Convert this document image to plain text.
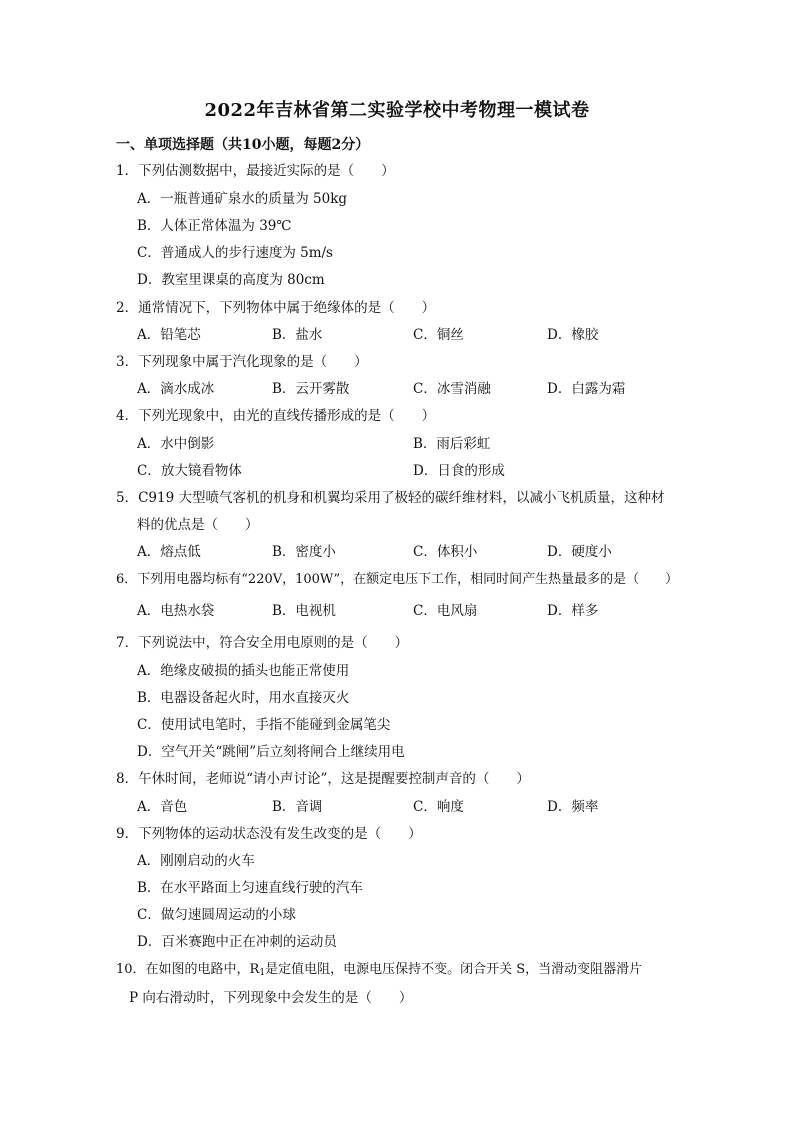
2022年吉林省第二实验学校中考物理一模试卷
一、单项选择题（共10小题，每题2分）
1．下列估测数据中，最接近实际的是（　　）
A．一瓶普通矿泉水的质量为 50kg
B．人体正常体温为 39℃
C．普通成人的步行速度为 5m/s
D．教室里课桌的高度为 80cm
2．通常情况下，下列物体中属于绝缘体的是（　　）
A．铅笔芯	B．盐水	C．铜丝	D．橡胶
3．下列现象中属于汽化现象的是（　　）
A．滴水成冰	B．云开雾散	C．冰雪消融	D．白露为霜
4．下列光现象中，由光的直线传播形成的是（　　）
A．水中倒影	B．雨后彩虹
C．放大镜看物体	D．日食的形成
5．C919 大型喷气客机的机身和机翼均采用了极轻的碳纤维材料，以减小飞机质量，这种材
料的优点是（　　）
A．熔点低	B．密度小	C．体积小	D．硬度小
6．下列用电器均标有“220V，100W”，在额定电压下工作，相同时间产生热量最多的是（　　）
A．电热水袋	B．电视机	C．电风扇	D．样多
7．下列说法中，符合安全用电原则的是（　　）
A．绝缘皮破损的插头也能正常使用
B．电器设备起火时，用水直接灭火
C．使用试电笔时，手指不能碰到金属笔尖
D．空气开关“跳闸”后立刻将闸合上继续用电
8．午休时间，老师说“请小声讨论”，这是提醒要控制声音的（　　）
A．音色	B．音调	C．响度	D．频率
9．下列物体的运动状态没有发生改变的是（　　）
A．刚刚启动的火车
B．在水平路面上匀速直线行驶的汽车
C．做匀速圆周运动的小球
D．百米赛跑中正在冲刺的运动员
10．在如图的电路中，$R_1$是定值电阻，电源电压保持不变。闭合开关 S，当滑动变阻器滑片
P 向右滑动时，下列现象中会发生的是（　　）
